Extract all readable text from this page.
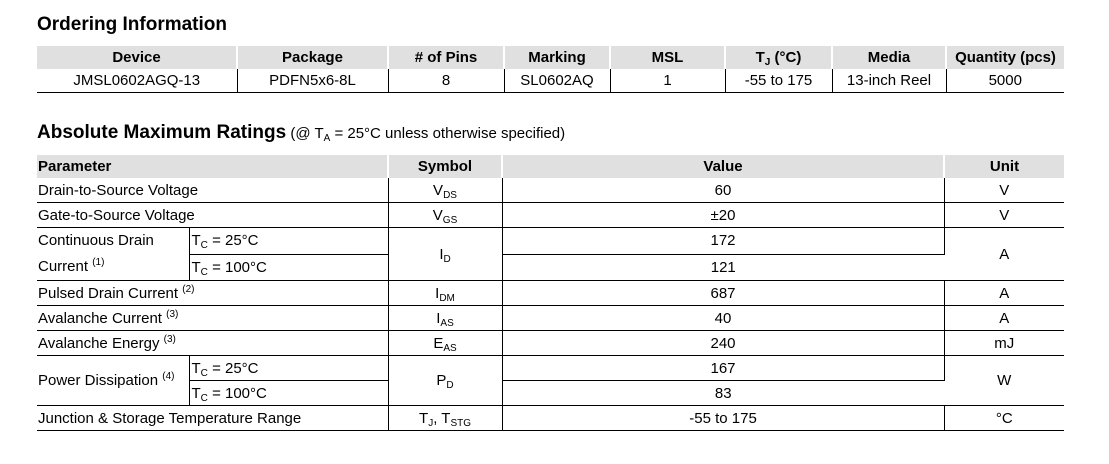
Ordering Information
Device	Package	# of Pins	Marking	MSL	$T_J$ (°C)	Media	Quantity (pcs)
JMSL0602AGQ-13	PDFN5x6-8L	8	SL0602AQ	1	-55 to 175	13-inch Reel	5000
Absolute Maximum Ratings (@ $T_A = 25^\circ C$ unless otherwise specified)
Parameter		Symbol	Value	Unit
Drain-to-Source Voltage		$V_{DS}$	60	V
Gate-to-Source Voltage		$V_{GS}$	±20	V
Continuous Drain
Current $^{(1)}$	$T_C = 25^\circ C$	$I_D$	172	A
	$T_C = 100^\circ C$		121	
Pulsed Drain Current $^{(2)}$		$I_{DM}$	687	A
Avalanche Current $^{(3)}$		$I_{AS}$	40	A
Avalanche Energy $^{(3)}$		$E_{AS}$	240	mJ
Power Dissipation $^{(4)}$	$T_C = 25^\circ C$	$P_D$	167	W
	$T_C = 100^\circ C$		83	
Junction & Storage Temperature Range		$T_J$, $T_{STG}$	-55 to 175	°C
